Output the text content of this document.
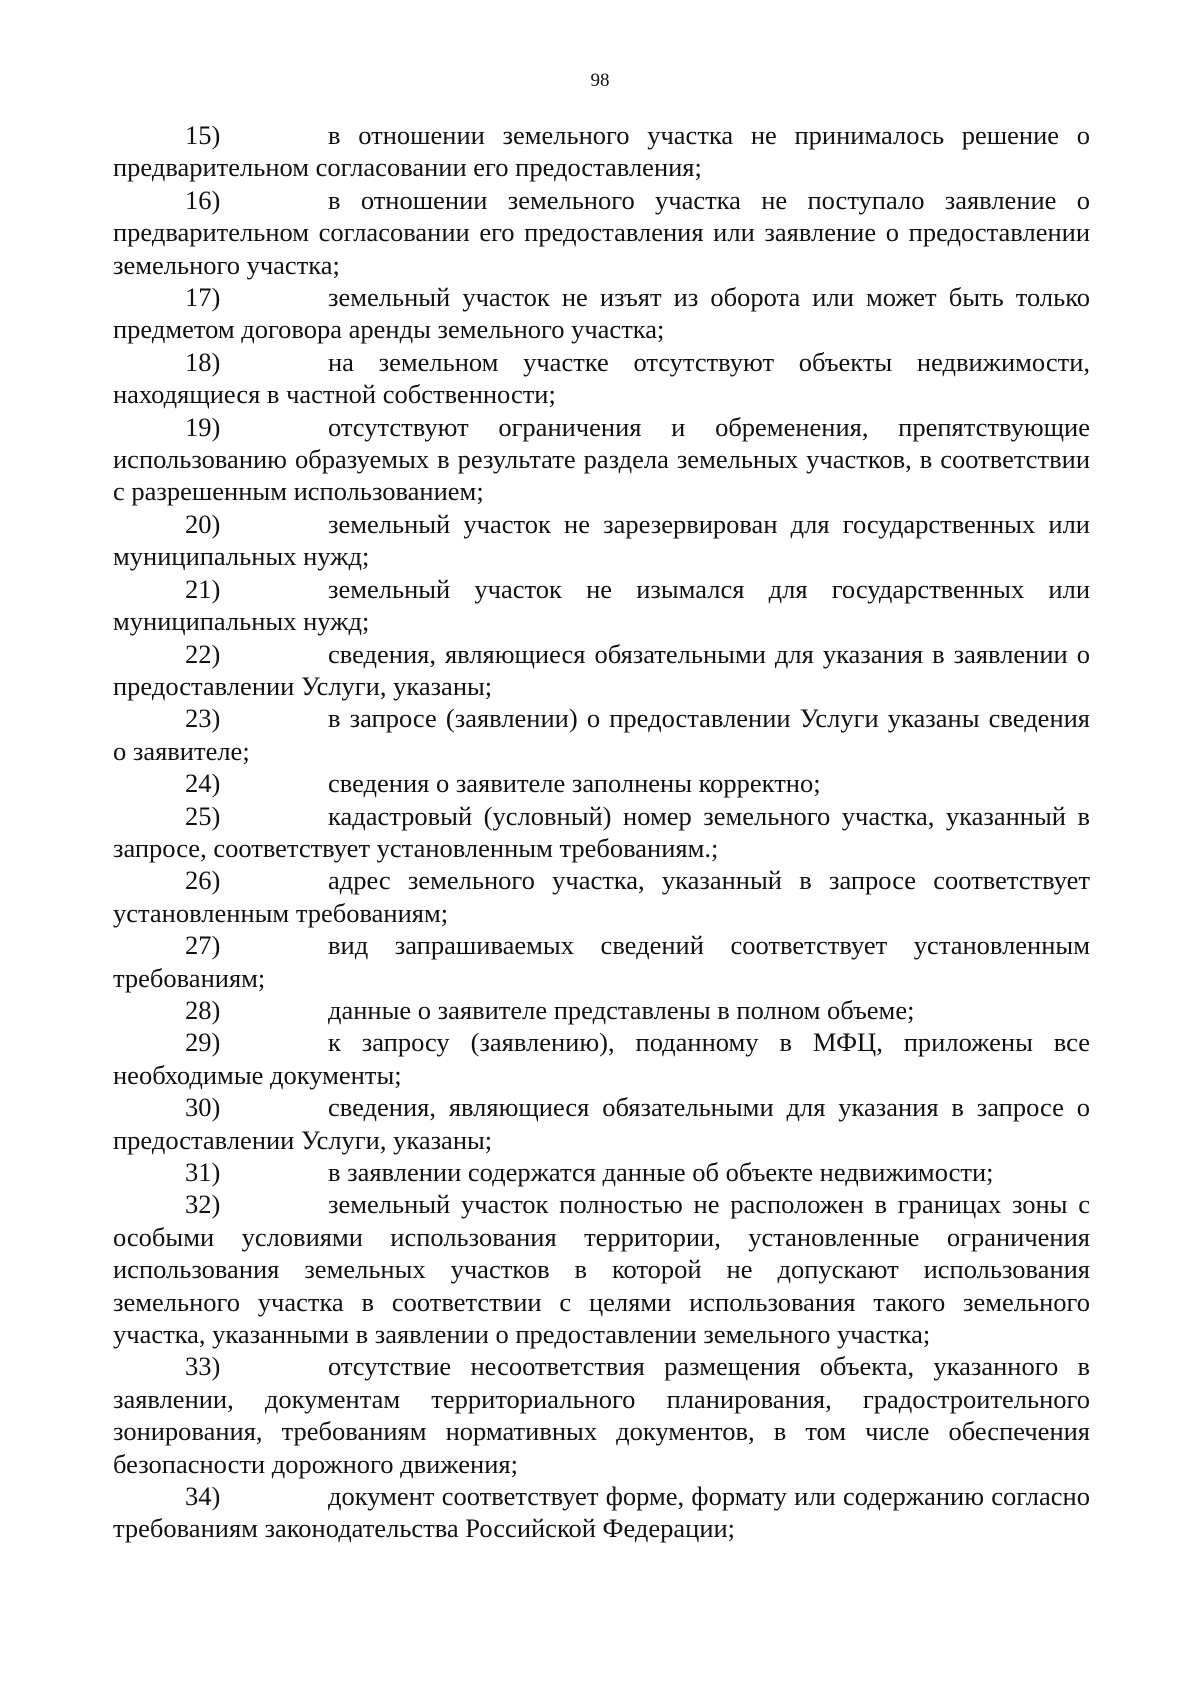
98

15)	в отношении земельного участка не принималось решение о предварительном согласовании его предоставления;

16)	в отношении земельного участка не поступало заявление о предварительном согласовании его предоставления или заявление о предоставлении земельного участка;

17)	земельный участок не изъят из оборота или может быть только предметом договора аренды земельного участка;

18)	на земельном участке отсутствуют объекты недвижимости, находящиеся в частной собственности;

19)	отсутствуют ограничения и обременения, препятствующие использованию образуемых в результате раздела земельных участков, в соответствии с разрешенным использованием;

20)	земельный участок не зарезервирован для государственных или муниципальных нужд;

21)	земельный участок не изымался для государственных или муниципальных нужд;

22)	сведения, являющиеся обязательными для указания в заявлении о предоставлении Услуги, указаны;

23)	в запросе (заявлении) о предоставлении Услуги указаны сведения о заявителе;

24)	сведения о заявителе заполнены корректно;

25)	кадастровый (условный) номер земельного участка, указанный в запросе, соответствует установленным требованиям.;

26)	адрес земельного участка, указанный в запросе соответствует установленным требованиям;

27)	вид запрашиваемых сведений соответствует установленным требованиям;

28)	данные о заявителе представлены в полном объеме;

29)	к запросу (заявлению), поданному в МФЦ, приложены все необходимые документы;

30)	сведения, являющиеся обязательными для указания в запросе о предоставлении Услуги, указаны;

31)	в заявлении содержатся данные об объекте недвижимости;

32)	земельный участок полностью не расположен в границах зоны с особыми условиями использования территории, установленные ограничения использования земельных участков в которой не допускают использования земельного участка в соответствии с целями использования такого земельного участка, указанными в заявлении о предоставлении земельного участка;

33)	отсутствие несоответствия размещения объекта, указанного в заявлении, документам территориального планирования, градостроительного зонирования, требованиям нормативных документов, в том числе обеспечения безопасности дорожного движения;

34)	документ соответствует форме, формату или содержанию согласно требованиям законодательства Российской Федерации;
